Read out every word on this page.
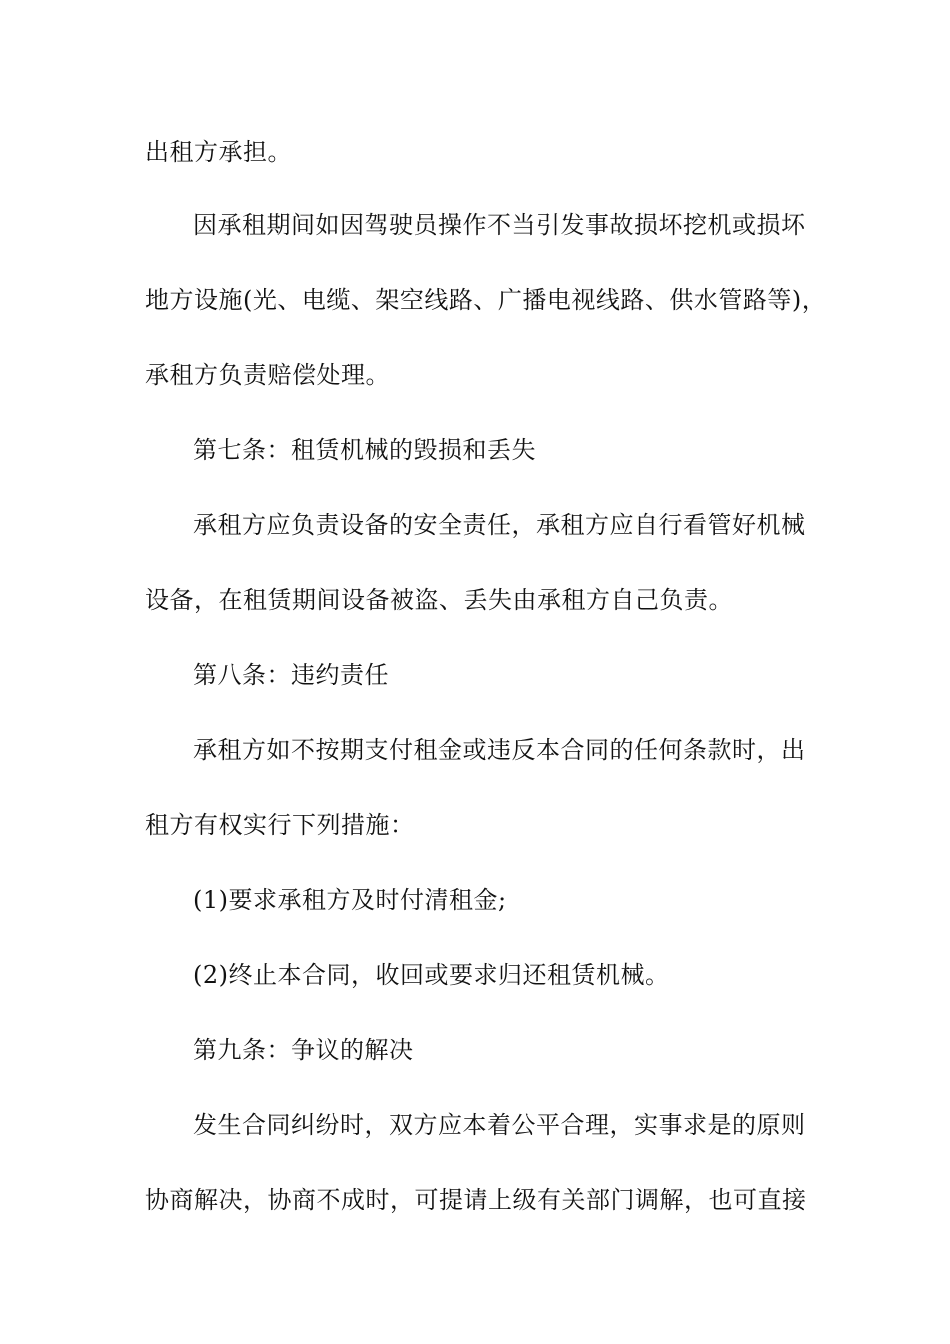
出租方承担。
因承租期间如因驾驶员操作不当引发事故损坏挖机或损坏
地方设施(光、电缆、架空线路、广播电视线路、供水管路等)，
承租方负责赔偿处理。
第七条：租赁机械的毁损和丢失
承租方应负责设备的安全责任，承租方应自行看管好机械
设备，在租赁期间设备被盗、丢失由承租方自己负责。
第八条：违约责任
承租方如不按期支付租金或违反本合同的任何条款时，出
租方有权实行下列措施：
(1)要求承租方及时付清租金;
(2)终止本合同，收回或要求归还租赁机械。
第九条：争议的解决
发生合同纠纷时，双方应本着公平合理，实事求是的原则
协商解决，协商不成时，可提请上级有关部门调解，也可直接
